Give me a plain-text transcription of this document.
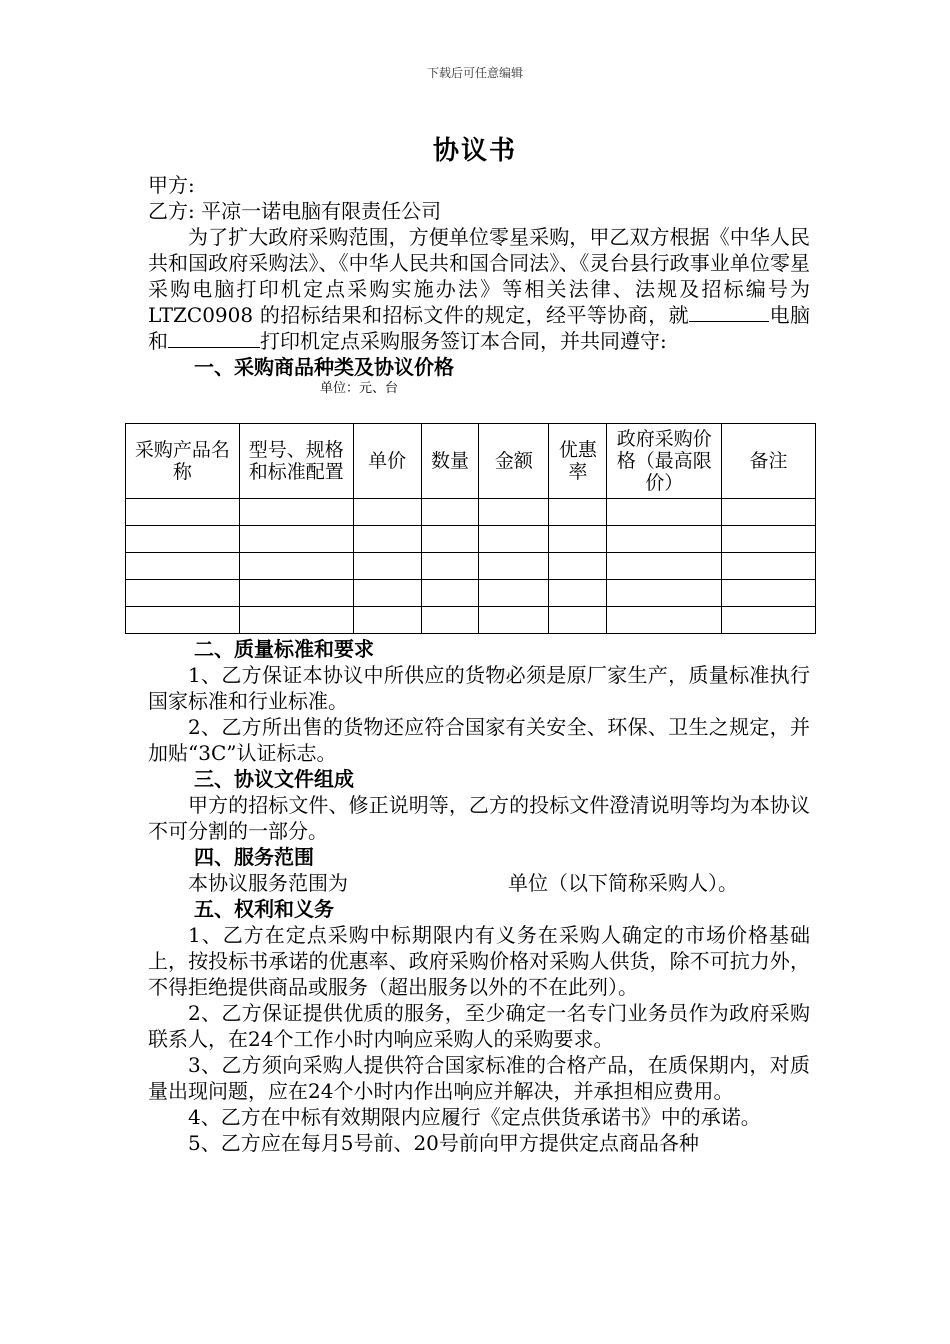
下载后可任意编辑
协议书

甲方:

乙方: 平凉一诺电脑有限责任公司

为了扩大政府采购范围，方便单位零星采购，甲乙双方根据《中华人民共和国政府采购法》、《中华人民共和国合同法》、《灵台县行政事业单位零星采购电脑打印机定点采购实施办法》等相关法律、法规及招标编号为 LTZC0908 的招标结果和招标文件的规定，经平等协商，就	电脑和	打印机定点采购服务签订本合同，并共同遵守:

一、采购商品种类及协议价格

单位：元、台

采购产品名称	型号、规格和标准配置	单价	数量	金额	优惠率	政府采购价格（最高限价）	备注

二、质量标准和要求

1、乙方保证本协议中所供应的货物必须是原厂家生产，质量标准执行国家标准和行业标准。

2、乙方所出售的货物还应符合国家有关安全、环保、卫生之规定，并加贴“3C”认证标志。

三、协议文件组成

甲方的招标文件、修正说明等，乙方的投标文件澄清说明等均为本协议不可分割的一部分。

四、服务范围

本协议服务范围为	单位（以下简称采购人）。

五、权利和义务

1、乙方在定点采购中标期限内有义务在采购人确定的市场价格基础上，按投标书承诺的优惠率、政府采购价格对采购人供货，除不可抗力外，不得拒绝提供商品或服务（超出服务以外的不在此列）。

2、乙方保证提供优质的服务，至少确定一名专门业务员作为政府采购联系人，在24个工作小时内响应采购人的采购要求。

3、乙方须向采购人提供符合国家标准的合格产品，在质保期内，对质量出现问题，应在24个小时内作出响应并解决，并承担相应费用。

4、乙方在中标有效期限内应履行《定点供货承诺书》中的承诺。

5、乙方应在每月5号前、20号前向甲方提供定点商品各种
